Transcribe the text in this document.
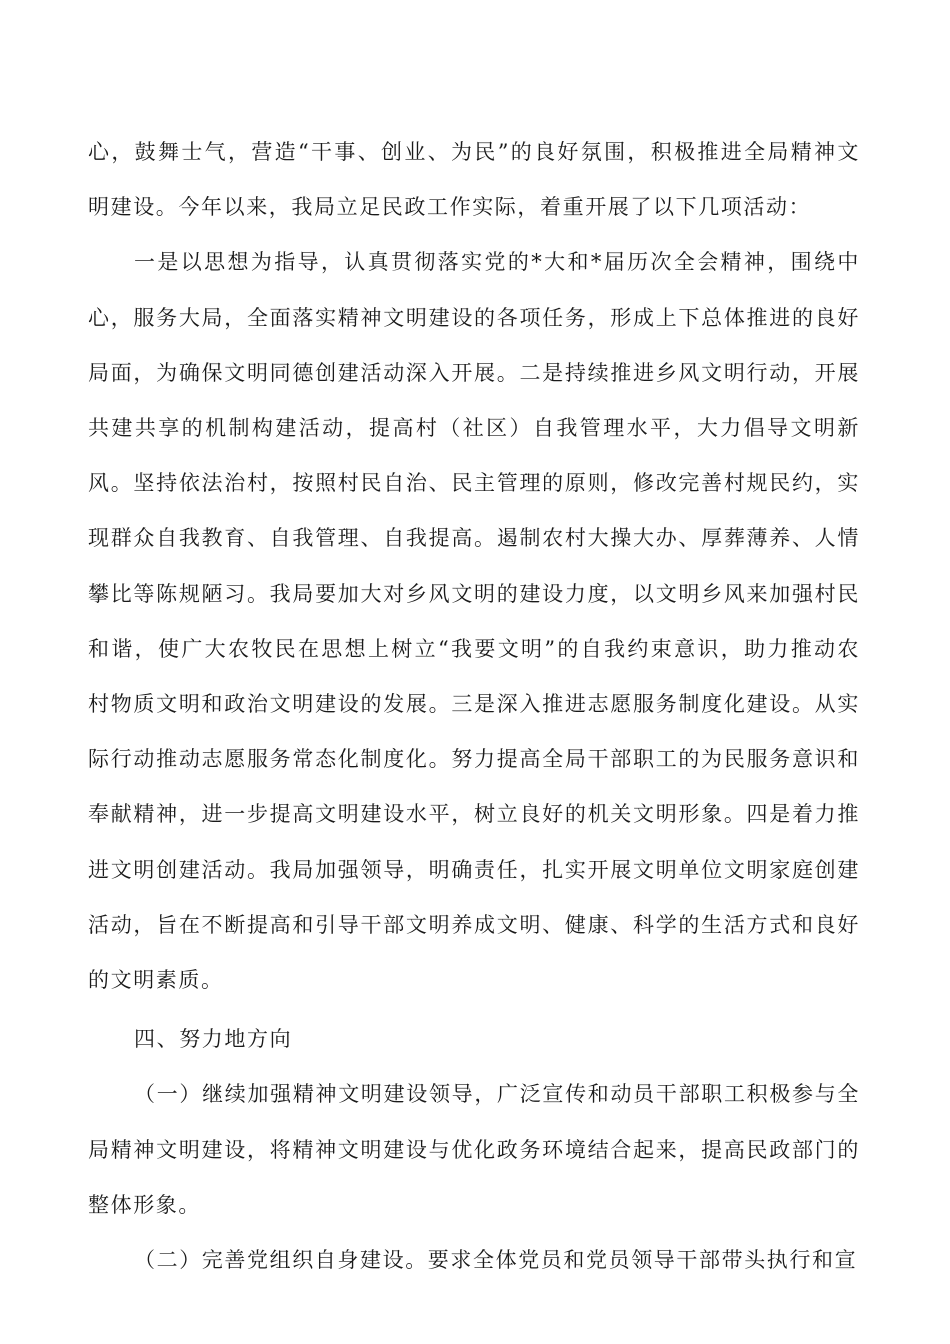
心，鼓舞士气，营造“干事、创业、为民”的良好氛围，积极推进全局精神文
明建设。今年以来，我局立足民政工作实际，着重开展了以下几项活动：
一是以思想为指导，认真贯彻落实党的*大和*届历次全会精神，围绕中
心，服务大局，全面落实精神文明建设的各项任务，形成上下总体推进的良好
局面，为确保文明同德创建活动深入开展。二是持续推进乡风文明行动，开展
共建共享的机制构建活动，提高村（社区）自我管理水平，大力倡导文明新
风。坚持依法治村，按照村民自治、民主管理的原则，修改完善村规民约，实
现群众自我教育、自我管理、自我提高。遏制农村大操大办、厚葬薄养、人情
攀比等陈规陋习。我局要加大对乡风文明的建设力度，以文明乡风来加强村民
和谐，使广大农牧民在思想上树立“我要文明”的自我约束意识，助力推动农
村物质文明和政治文明建设的发展。三是深入推进志愿服务制度化建设。从实
际行动推动志愿服务常态化制度化。努力提高全局干部职工的为民服务意识和
奉献精神，进一步提高文明建设水平，树立良好的机关文明形象。四是着力推
进文明创建活动。我局加强领导，明确责任，扎实开展文明单位文明家庭创建
活动，旨在不断提高和引导干部文明养成文明、健康、科学的生活方式和良好
的文明素质。
四、努力地方向
（一）继续加强精神文明建设领导，广泛宣传和动员干部职工积极参与全
局精神文明建设，将精神文明建设与优化政务环境结合起来，提高民政部门的
整体形象。
（二）完善党组织自身建设。要求全体党员和党员领导干部带头执行和宣
